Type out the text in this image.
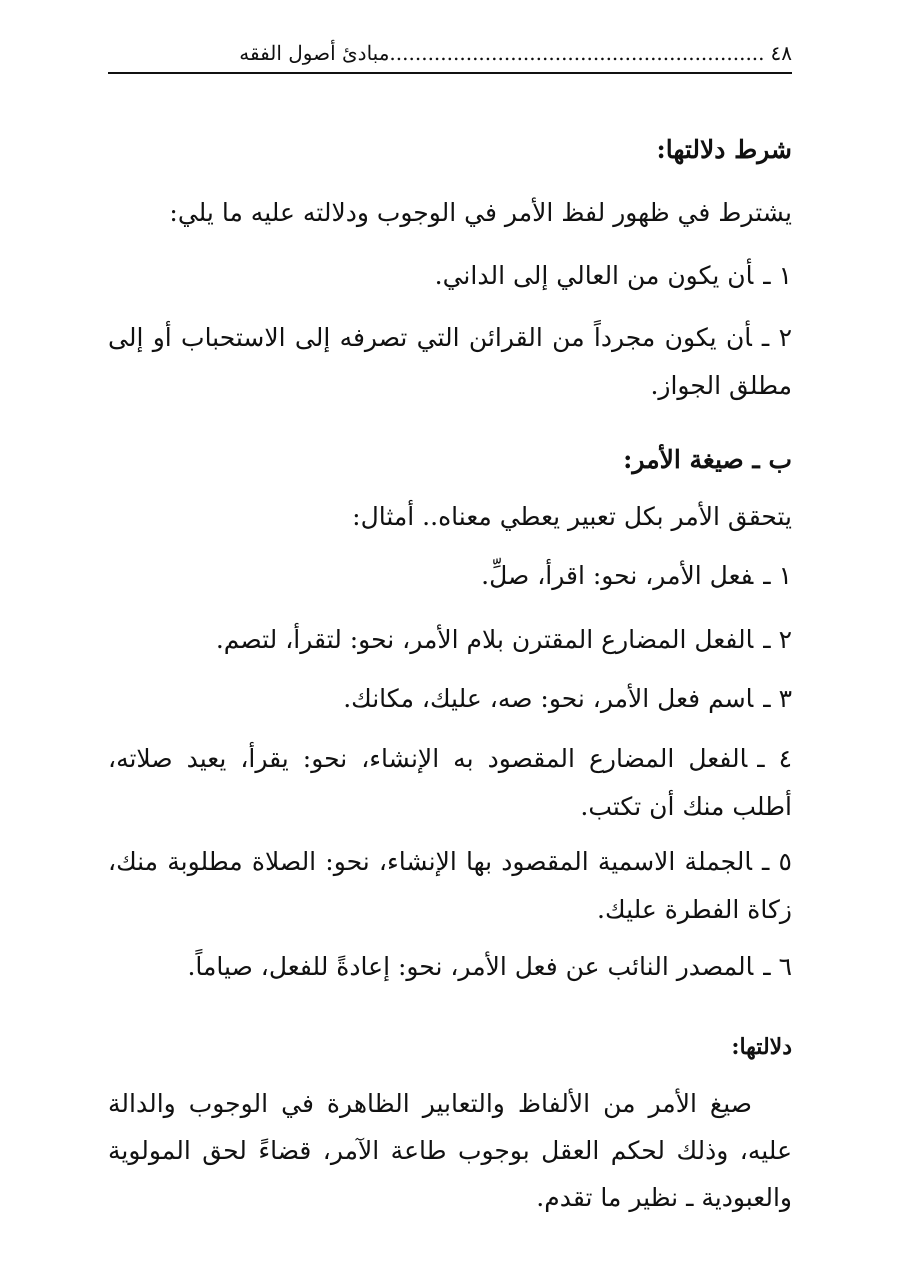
٤٨...........................................................مبادئ أصول الفقه
شرط دلالتها:

يشترط في ظهور لفظ الأمر في الوجوب ودلالته عليه ما يلي:

١ ـأن يكون من العالي إلى الداني.

٢ ـأن يكون مجرداً من القرائن التي تصرفه إلى الاستحباب أو إلى مطلق الجواز.

ب ـ صيغة الأمر:

يتحقق الأمر بكل تعبير يعطي معناه.. أمثال:

١ ـفعل الأمر، نحو: اقرأ، صلِّ.

٢ ـالفعل المضارع المقترن بلام الأمر، نحو: لتقرأ، لتصم.

٣ ـاسم فعل الأمر، نحو: صه، عليك، مكانك.

٤ ـالفعل المضارع المقصود به الإنشاء، نحو: يقرأ، يعيد صلاته، أطلب منك أن تكتب.

٥ ـالجملة الاسمية المقصود بها الإنشاء، نحو: الصلاة مطلوبة منك، زكاة الفطرة عليك.

٦ ـالمصدر النائب عن فعل الأمر، نحو: إعادةً للفعل، صياماً.

دلالتها:

صيغ الأمر من الألفاظ والتعابير الظاهرة في الوجوب والدالة عليه، وذلك لحكم العقل بوجوب طاعة الآمر، قضاءً لحق المولوية والعبودية ـ نظير ما تقدم.
